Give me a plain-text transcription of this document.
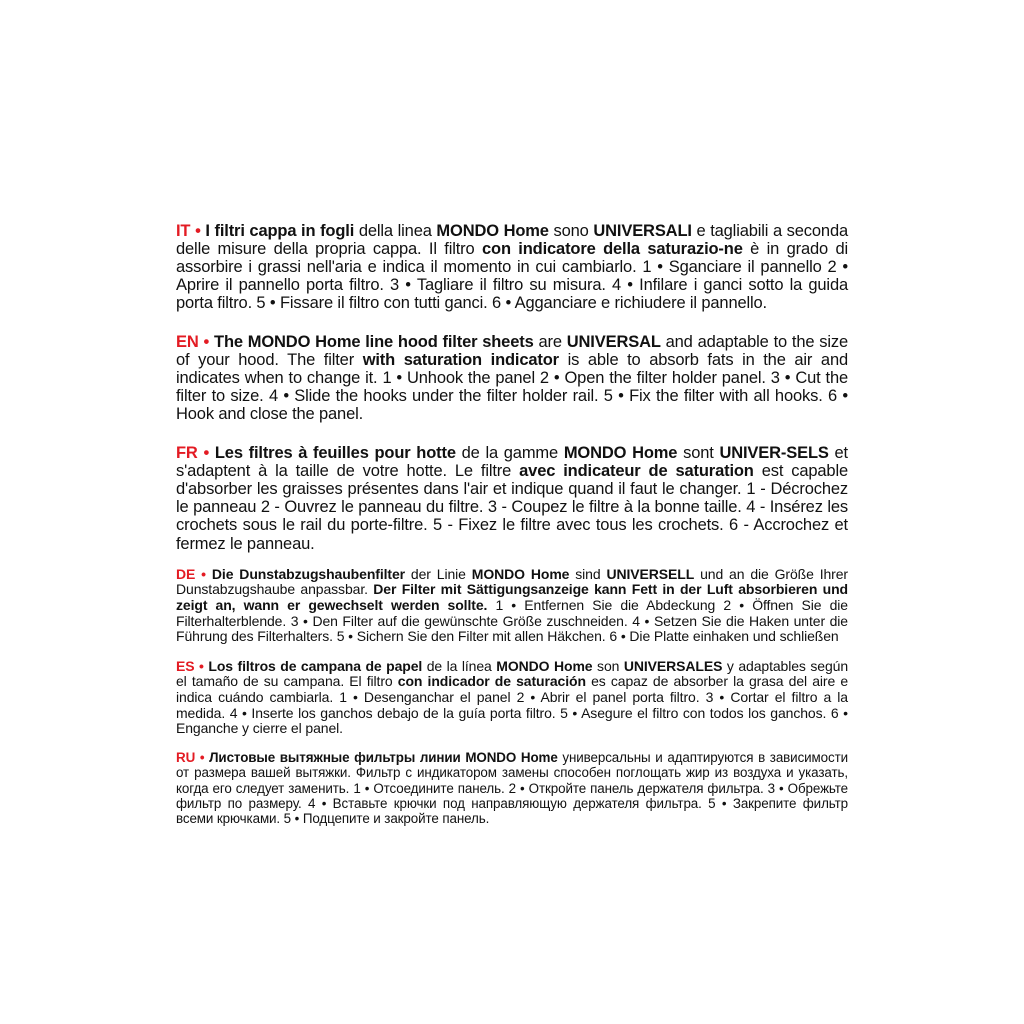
IT • I filtri cappa in fogli della linea MONDO Home sono UNIVERSALI e tagliabili a seconda delle misure della propria cappa. Il filtro con indicatore della saturazio-ne è in grado di assorbire i grassi nell'aria e indica il momento in cui cambiarlo. 1 • Sganciare il pannello 2 • Aprire il pannello porta filtro. 3 • Tagliare il filtro su misura. 4 • Infilare i ganci sotto la guida porta filtro. 5 • Fissare il filtro con tutti ganci. 6 • Agganciare e richiudere il pannello.

EN • The MONDO Home line hood filter sheets are UNIVERSAL and adaptable to the size of your hood. The filter with saturation indicator is able to absorb fats in the air and indicates when to change it. 1 • Unhook the panel 2 • Open the filter holder panel. 3 • Cut the filter to size. 4 • Slide the hooks under the filter holder rail. 5 • Fix the filter with all hooks. 6 • Hook and close the panel.

FR • Les filtres à feuilles pour hotte de la gamme MONDO Home sont UNIVER-SELS et s'adaptent à la taille de votre hotte. Le filtre avec indicateur de saturation est capable d'absorber les graisses présentes dans l'air et indique quand il faut le changer. 1 - Décrochez le panneau 2 - Ouvrez le panneau du filtre. 3 - Coupez le filtre à la bonne taille. 4 - Insérez les crochets sous le rail du porte-filtre. 5 - Fixez le filtre avec tous les crochets. 6 - Accrochez et fermez le panneau.

DE • Die Dunstabzugshaubenfilter der Linie MONDO Home sind UNIVERSELL und an die Größe Ihrer Dunstabzugshaube anpassbar. Der Filter mit Sättigungsanzeige kann Fett in der Luft absorbieren und zeigt an, wann er gewechselt werden sollte. 1 • Entfernen Sie die Abdeckung 2 • Öffnen Sie die Filterhalterblende. 3 • Den Filter auf die gewünschte Größe zuschneiden. 4 • Setzen Sie die Haken unter die Führung des Filterhalters. 5 • Sichern Sie den Filter mit allen Häkchen. 6 • Die Platte einhaken und schließen

ES • Los filtros de campana de papel de la línea MONDO Home son UNIVERSALES y adaptables según el tamaño de su campana. El filtro con indicador de saturación es capaz de absorber la grasa del aire e indica cuándo cambiarla. 1 • Desenganchar el panel 2 • Abrir el panel porta filtro. 3 • Cortar el filtro a la medida. 4 • Inserte los ganchos debajo de la guía porta filtro. 5 • Asegure el filtro con todos los ganchos. 6 • Enganche y cierre el panel.

RU • Листовые вытяжные фильтры линии MONDO Home универсальны и адаптируются в зависимости от размера вашей вытяжки. Фильтр с индикатором замены способен поглощать жир из воздуха и указать, когда его следует заменить. 1 • Отсоедините панель. 2 • Откройте панель держателя фильтра. 3 • Обрежьте фильтр по размеру. 4 • Вставьте крючки под направляющую держателя фильтра. 5 • Закрепите фильтр всеми крючками. 5 • Подцепите и закройте панель.
